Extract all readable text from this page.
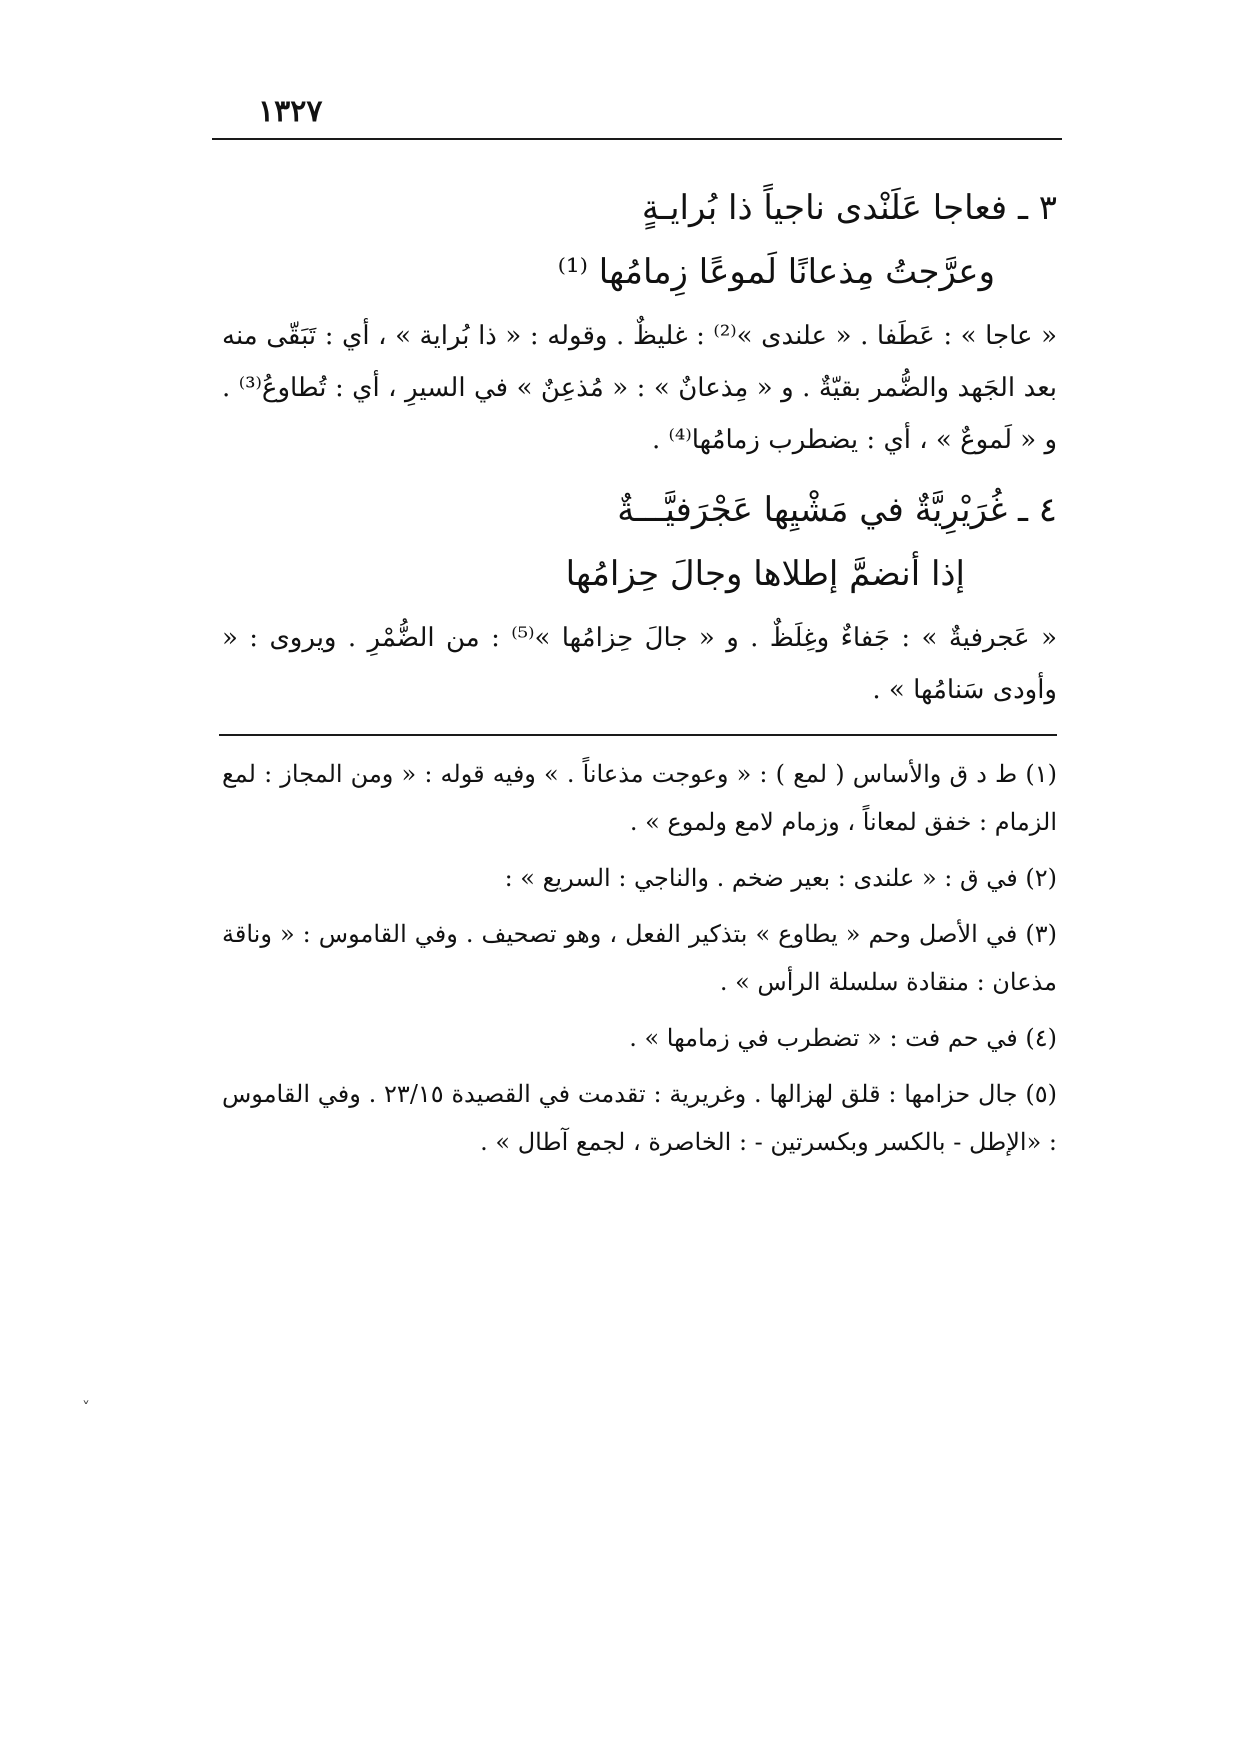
١٣٢٧
٣ ـ فعاجا عَلَنْدى ناجياً ذا بُرايـةٍ
وعرَّجتُ مِذعانًا لَموعًا زِمامُها ⁽¹⁾
« عاجا » : عَطَفا . « علندى »⁽²⁾ : غليظٌ . وقوله : « ذا بُراية » ، أي : تَبَقّى منه بعد الجَهد والضُّمر بقيّةٌ . و « مِذعانٌ » : « مُذعِنٌ » في السيرِ ، أي : تُطاوعُ⁽³⁾ . و « لَموعٌ » ، أي : يضطرب زمامُها⁽⁴⁾ .
٤ ـ غُرَيْرِيَّةٌ في مَشْيِها عَجْرَفيَّـــةٌ
إذا أنضمَّ إطلاها وجالَ حِزامُها
« عَجرفيةٌ » : جَفاءٌ وغِلَظٌ . و « جالَ حِزامُها »⁽⁵⁾ : من الضُّمْرِ . ويروى : « وأودى سَنامُها » .
(١) ط د ق والأساس ( لمع ) : « وعوجت مذعاناً . » وفيه قوله : « ومن المجاز : لمع الزمام : خفق لمعاناً ، وزمام لامع ولموع » .
(٢) في ق : « علندى : بعير ضخم . والناجي : السريع » :
(٣) في الأصل وحم « يطاوع » بتذكير الفعل ، وهو تصحيف . وفي القاموس : « وناقة مذعان : منقادة سلسلة الرأس » .
(٤) في حم فت : « تضطرب في زمامها » .
(٥) جال حزامها : قلق لهزالها . وغريرية : تقدمت في القصيدة ٢٣/١٥ . وفي القاموس : «الإطل - بالكسر وبكسرتين - : الخاصرة ، لجمع آطال » .
˅
